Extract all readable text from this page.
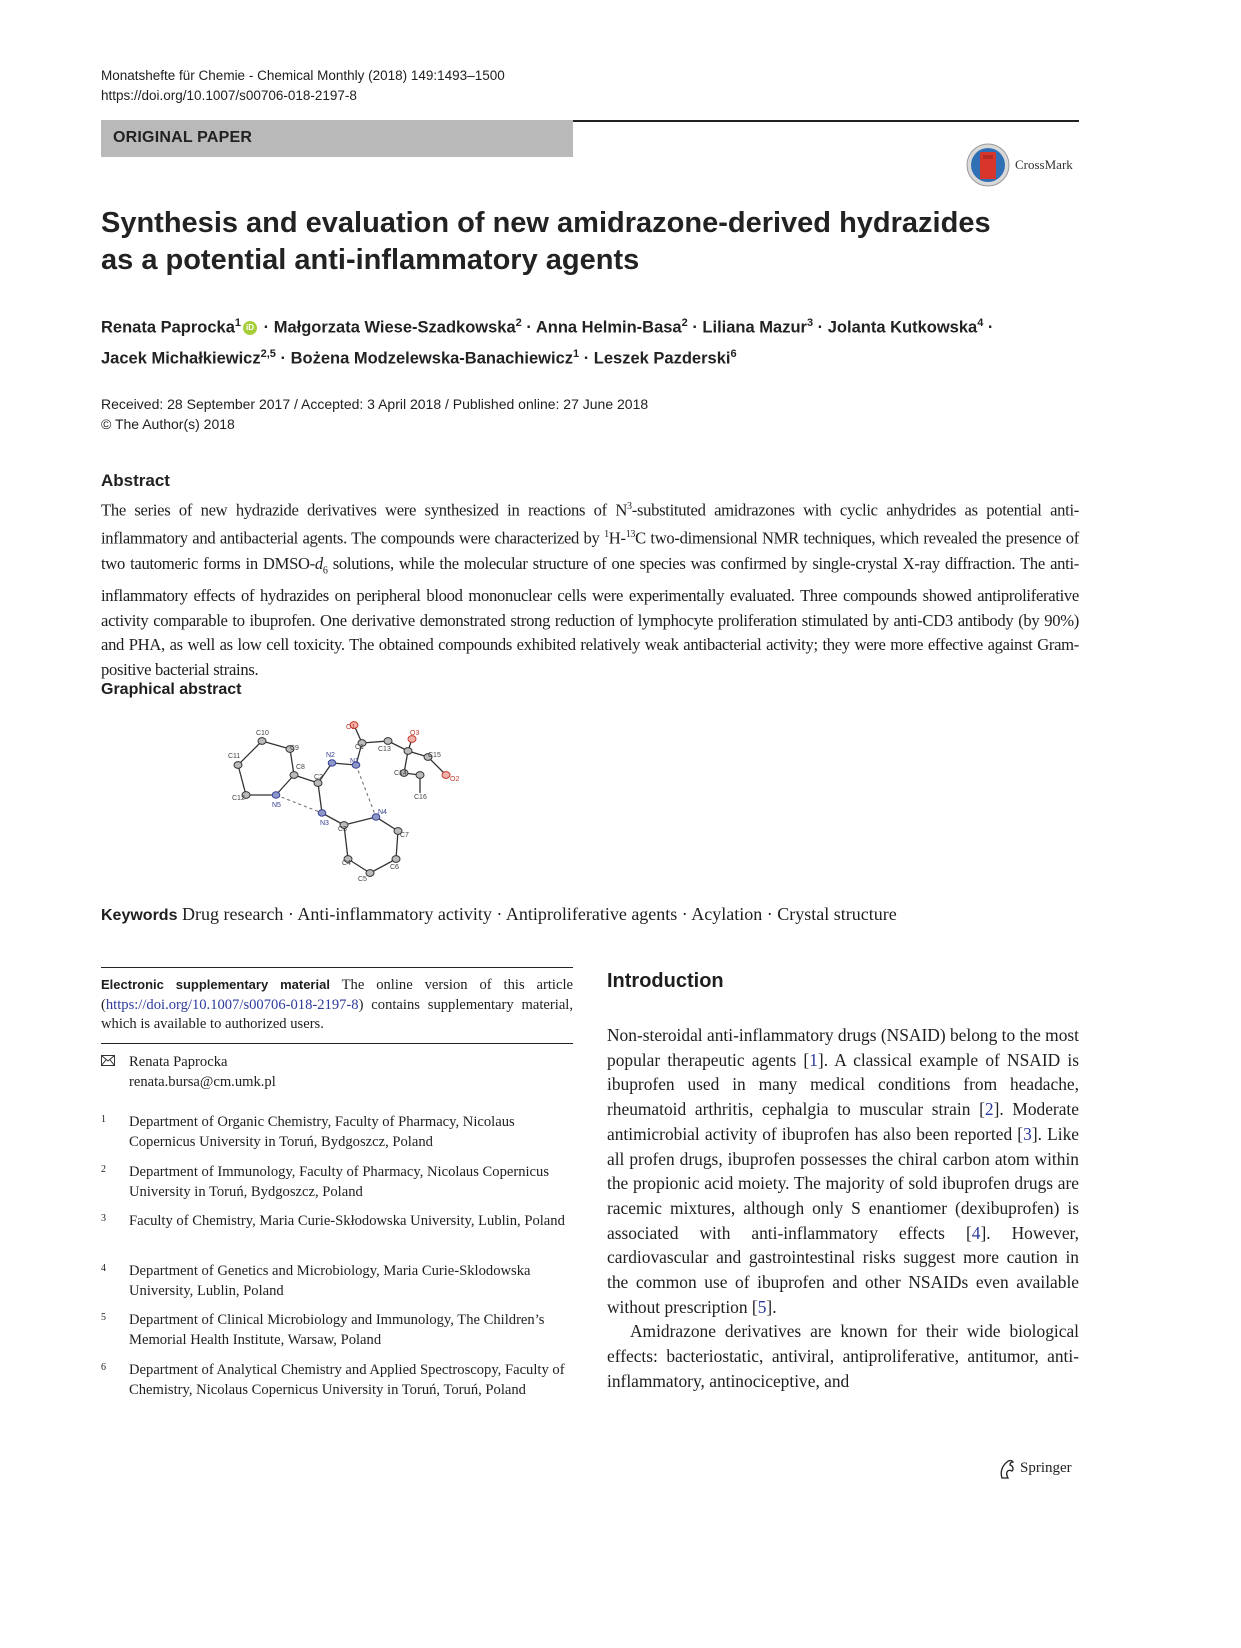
Monatshefte für Chemie - Chemical Monthly (2018) 149:1493–1500
https://doi.org/10.1007/s00706-018-2197-8
ORIGINAL PAPER
CrossMark
Synthesis and evaluation of new amidrazone-derived hydrazides
as a potential anti-inflammatory agents
Renata Paprocka$^1$ iD · Małgorzata Wiese-Szadkowska$^2$ · Anna Helmin-Basa$^2$ · Liliana Mazur$^3$ · Jolanta Kutkowska$^4$ ·
Jacek Michałkiewicz$^{2,5}$ · Bożena Modzelewska-Banachiewicz$^1$ · Leszek Pazderski$^6$
Received: 28 September 2017 / Accepted: 3 April 2018 / Published online: 27 June 2018
© The Author(s) 2018
Abstract
The series of new hydrazide derivatives were synthesized in reactions of $N^3$-substituted amidrazones with cyclic anhydrides as potential anti-inflammatory and antibacterial agents. The compounds were characterized by $^1$H-$^{13}$C two-dimensional NMR techniques, which revealed the presence of two tautomeric forms in DMSO-$d_6$ solutions, while the molecular structure of one species was confirmed by single-crystal X-ray diffraction. The anti-inflammatory effects of hydrazides on peripheral blood mononuclear cells were experimentally evaluated. Three compounds showed antiproliferative activity comparable to ibuprofen. One derivative demonstrated strong reduction of lymphocyte proliferation stimulated by anti-CD3 antibody (by 90%) and PHA, as well as low cell toxicity. The obtained compounds exhibited relatively weak antibacterial activity; they were more effective against Gram-positive bacterial strains.
Graphical abstract
O1
O3
O2
C10
C9
C11
C8
C12
N2
N1
C1 C13
C15
C14
C16
C2
N5
N3
N4
C3
C7
C4
C6
C5
Keywords Drug research · Anti-inflammatory activity · Antiproliferative agents · Acylation · Crystal structure
Electronic supplementary material The online version of this article (https://doi.org/10.1007/s00706-018-2197-8) contains supplementary material, which is available to authorized users.
Renata Paprocka
renata.bursa@cm.umk.pl
1 Department of Organic Chemistry, Faculty of Pharmacy, Nicolaus Copernicus University in Toruń, Bydgoszcz, Poland
2 Department of Immunology, Faculty of Pharmacy, Nicolaus Copernicus University in Toruń, Bydgoszcz, Poland
3 Faculty of Chemistry, Maria Curie-Skłodowska University, Lublin, Poland
4 Department of Genetics and Microbiology, Maria Curie-Sklodowska University, Lublin, Poland
5 Department of Clinical Microbiology and Immunology, The Children’s Memorial Health Institute, Warsaw, Poland
6 Department of Analytical Chemistry and Applied Spectroscopy, Faculty of Chemistry, Nicolaus Copernicus University in Toruń, Toruń, Poland
Introduction

Non-steroidal anti-inflammatory drugs (NSAID) belong to the most popular therapeutic agents [1]. A classical example of NSAID is ibuprofen used in many medical conditions from headache, rheumatoid arthritis, cephalgia to muscular strain [2]. Moderate antimicrobial activity of ibuprofen has also been reported [3]. Like all profen drugs, ibuprofen possesses the chiral carbon atom within the propionic acid moiety. The majority of sold ibuprofen drugs are racemic mixtures, although only S enantiomer (dexibuprofen) is associated with anti-inflammatory effects [4]. However, cardiovascular and gastrointestinal risks suggest more caution in the common use of ibuprofen and other NSAIDs even available without prescription [5].

Amidrazone derivatives are known for their wide biological effects: bacteriostatic, antiviral, antiproliferative, antitumor, anti-inflammatory, antinociceptive, and

Springer
